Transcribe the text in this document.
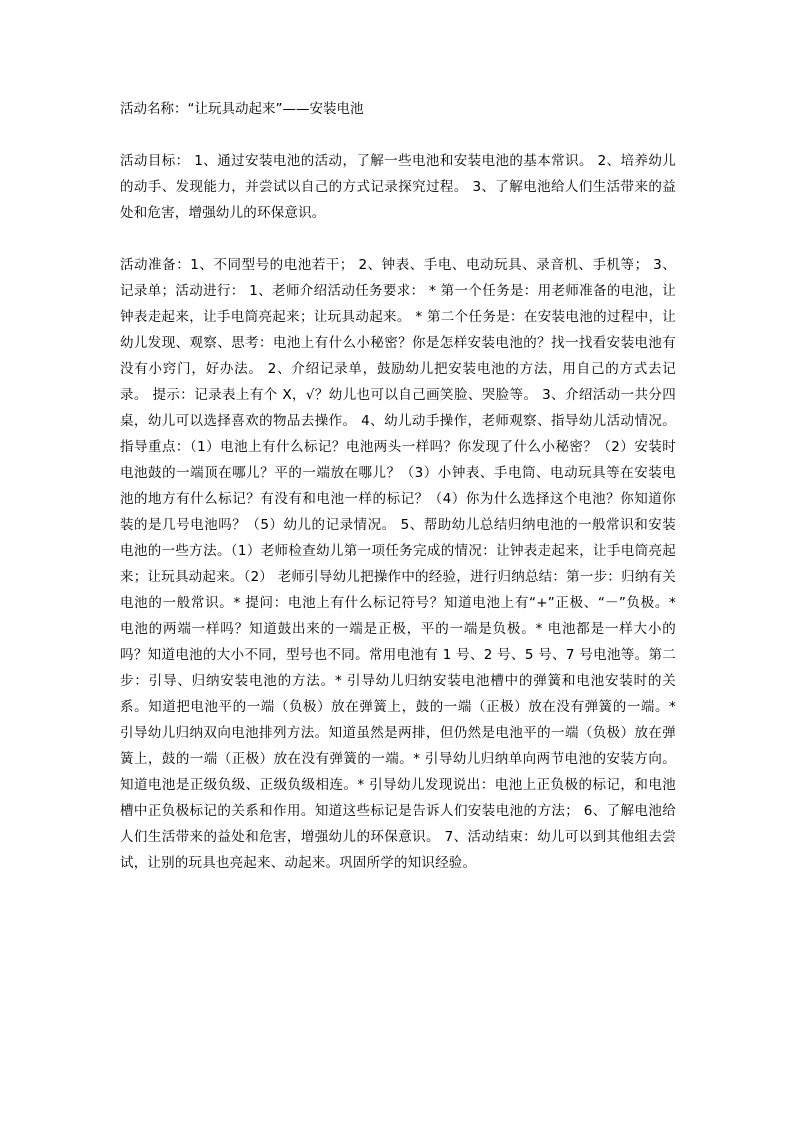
活动名称：“让玩具动起来”——安装电池

活动目标： 1、通过安装电池的活动，了解一些电池和安装电池的基本常识。 2、培养幼儿的动手、发现能力，并尝试以自己的方式记录探究过程。 3、了解电池给人们生活带来的益处和危害，增强幼儿的环保意识。

活动准备：1、不同型号的电池若干； 2、钟表、手电、电动玩具、录音机、手机等； 3、 记录单；活动进行： 1、老师介绍活动任务要求： * 第一个任务是：用老师准备的电池，让钟表走起来，让手电筒亮起来；让玩具动起来。 * 第二个任务是：在安装电池的过程中，让幼儿发现、观察、思考：电池上有什么小秘密？你是怎样安装电池的？找一找看安装电池有没有小窍门，好办法。 2、介绍记录单，鼓励幼儿把安装电池的方法，用自己的方式去记录。 提示：记录表上有个 X，√？幼儿也可以自己画笑脸、哭脸等。 3、介绍活动一共分四桌，幼儿可以选择喜欢的物品去操作。 4、幼儿动手操作，老师观察、指导幼儿活动情况。指导重点：（1）电池上有什么标记？电池两头一样吗？你发现了什么小秘密？（2）安装时电池鼓的一端顶在哪儿？平的一端放在哪儿？（3）小钟表、手电筒、电动玩具等在安装电池的地方有什么标记？有没有和电池一样的标记？（4）你为什么选择这个电池？你知道你装的是几号电池吗？（5）幼儿的记录情况。 5、帮助幼儿总结归纳电池的一般常识和安装电池的一些方法。（1）老师检查幼儿第一项任务完成的情况：让钟表走起来，让手电筒亮起来；让玩具动起来。（2） 老师引导幼儿把操作中的经验，进行归纳总结：第一步：归纳有关电池的一般常识。* 提问：电池上有什么标记符号？知道电池上有“+”正极、“－”负极。* 电池的两端一样吗？知道鼓出来的一端是正极，平的一端是负极。* 电池都是一样大小的吗？知道电池的大小不同，型号也不同。常用电池有 1 号、2 号、5 号、7 号电池等。第二步：引导、归纳安装电池的方法。* 引导幼儿归纳安装电池槽中的弹簧和电池安装时的关系。知道把电池平的一端（负极）放在弹簧上，鼓的一端（正极）放在没有弹簧的一端。* 引导幼儿归纳双向电池排列方法。知道虽然是两排，但仍然是电池平的一端（负极）放在弹簧上，鼓的一端（正极）放在没有弹簧的一端。* 引导幼儿归纳单向两节电池的安装方向。知道电池是正级负级、正级负级相连。* 引导幼儿发现说出：电池上正负极的标记，和电池槽中正负极标记的关系和作用。知道这些标记是告诉人们安装电池的方法； 6、了解电池给人们生活带来的益处和危害，增强幼儿的环保意识。 7、活动结束：幼儿可以到其他组去尝试，让别的玩具也亮起来、动起来。巩固所学的知识经验。
